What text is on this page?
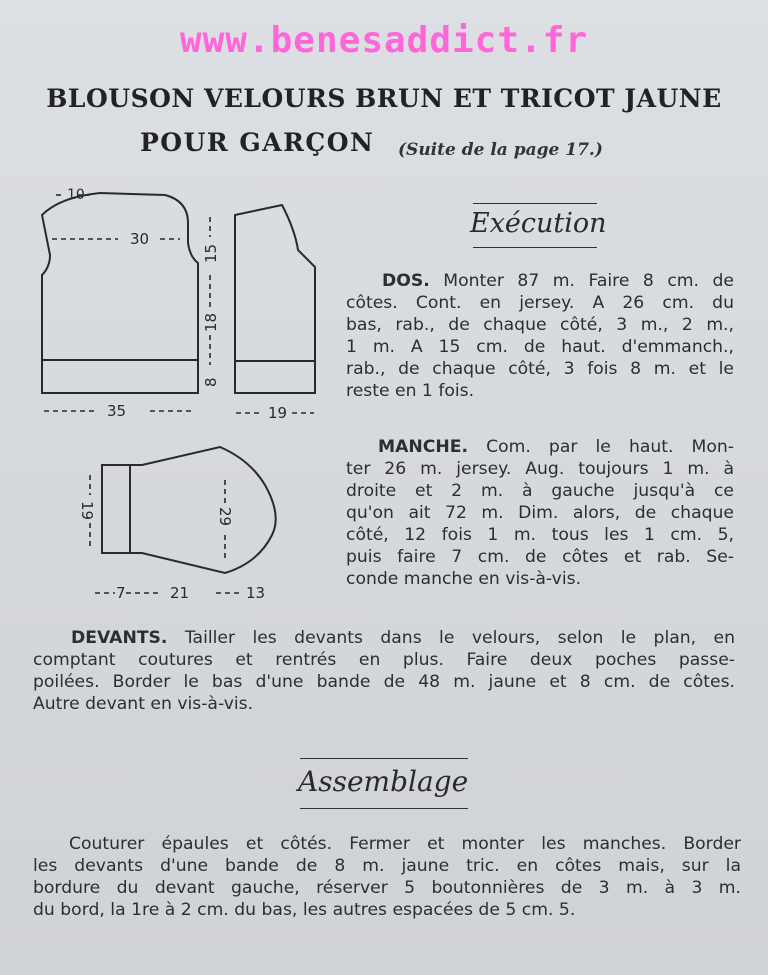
www.benesaddict.fr
BLOUSON VELOURS BRUN ET TRICOT JAUNE
POUR GARÇON (Suite de la page 17.)
10
30
35	19
15
18
8
19	29
7	21	13
Exécution
DOS. Monter 87 m. Faire 8 cm. de
côtes. Cont. en jersey. A 26 cm. du
bas, rab., de chaque côté, 3 m., 2 m.,
1 m. A 15 cm. de haut. d'emmanch.,
rab., de chaque côté, 3 fois 8 m. et le
reste en 1 fois.
MANCHE. Com. par le haut. Mon-
ter 26 m. jersey. Aug. toujours 1 m. à
droite et 2 m. à gauche jusqu'à ce
qu'on ait 72 m. Dim. alors, de chaque
côté, 12 fois 1 m. tous les 1 cm. 5,
puis faire 7 cm. de côtes et rab. Se-
conde manche en vis-à-vis.
DEVANTS. Tailler les devants dans le velours, selon le plan, en
comptant coutures et rentrés en plus. Faire deux poches passe-
poilées. Border le bas d'une bande de 48 m. jaune et 8 cm. de côtes.
Autre devant en vis-à-vis.
Assemblage
Couturer épaules et côtés. Fermer et monter les manches. Border
les devants d'une bande de 8 m. jaune tric. en côtes mais, sur la
bordure du devant gauche, réserver 5 boutonnières de 3 m. à 3 m.
du bord, la 1re à 2 cm. du bas, les autres espacées de 5 cm. 5.
